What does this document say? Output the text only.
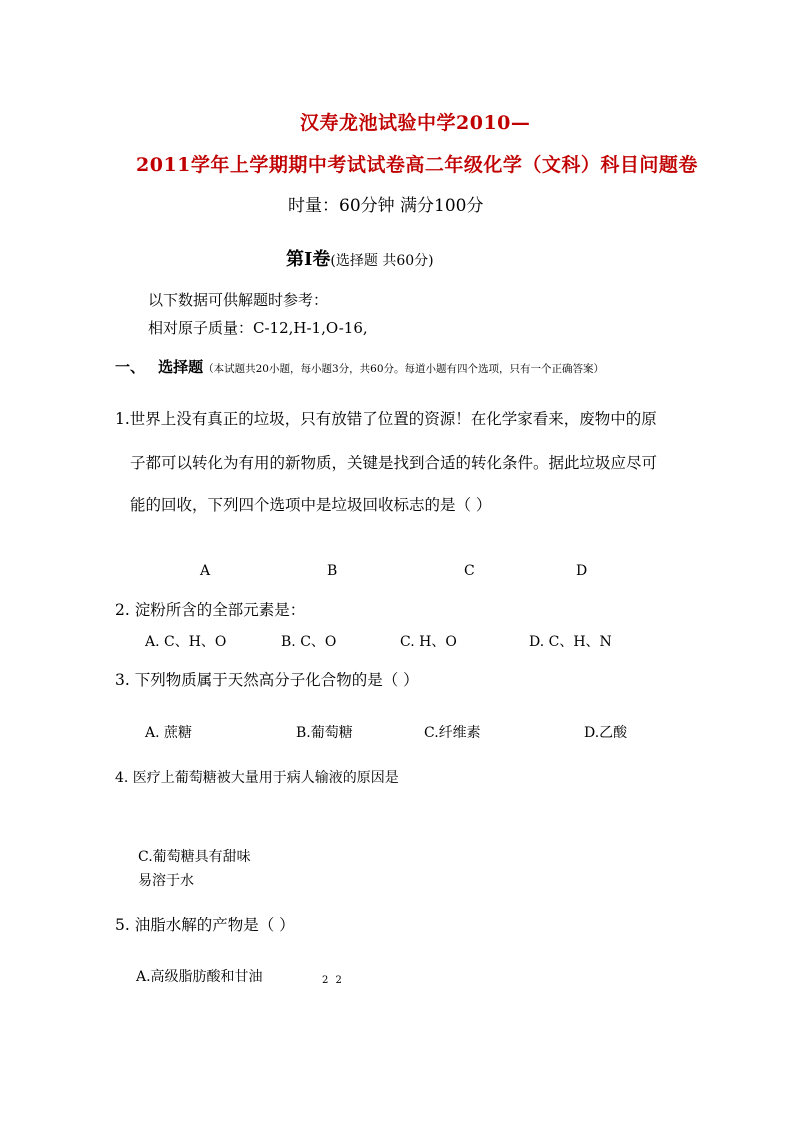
汉寿龙池试验中学2010—
2011学年上学期期中考试试卷高二年级化学（文科）科目问题卷
时量：60分钟 满分100分
第Ⅰ卷(选择题 共60分)
以下数据可供解题时参考：
相对原子质量：C-12,H-1,O-16,
一、 选择题（本试题共20小题，每小题3分，共60分。每道小题有四个选项，只有一个正确答案）
1.世界上没有真正的垃圾，只有放错了位置的资源！在化学家看来，废物中的原
子都可以转化为有用的新物质，关键是找到合适的转化条件。据此垃圾应尽可
能的回收，下列四个选项中是垃圾回收标志的是（ ）
A	B	C	D
2. 淀粉所含的全部元素是：
A. C、H、O	B. C、O	C. H、O	D. C、H、N
3. 下列物质属于天然高分子化合物的是（ ）
A. 蔗糖	B.葡萄糖	C.纤维素	D.乙酸
4. 医疗上葡萄糖被大量用于病人输液的原因是
C.葡萄糖具有甜味
易溶于水
5. 油脂水解的产物是（ ）
A.高级脂肪酸和甘油	2 2
